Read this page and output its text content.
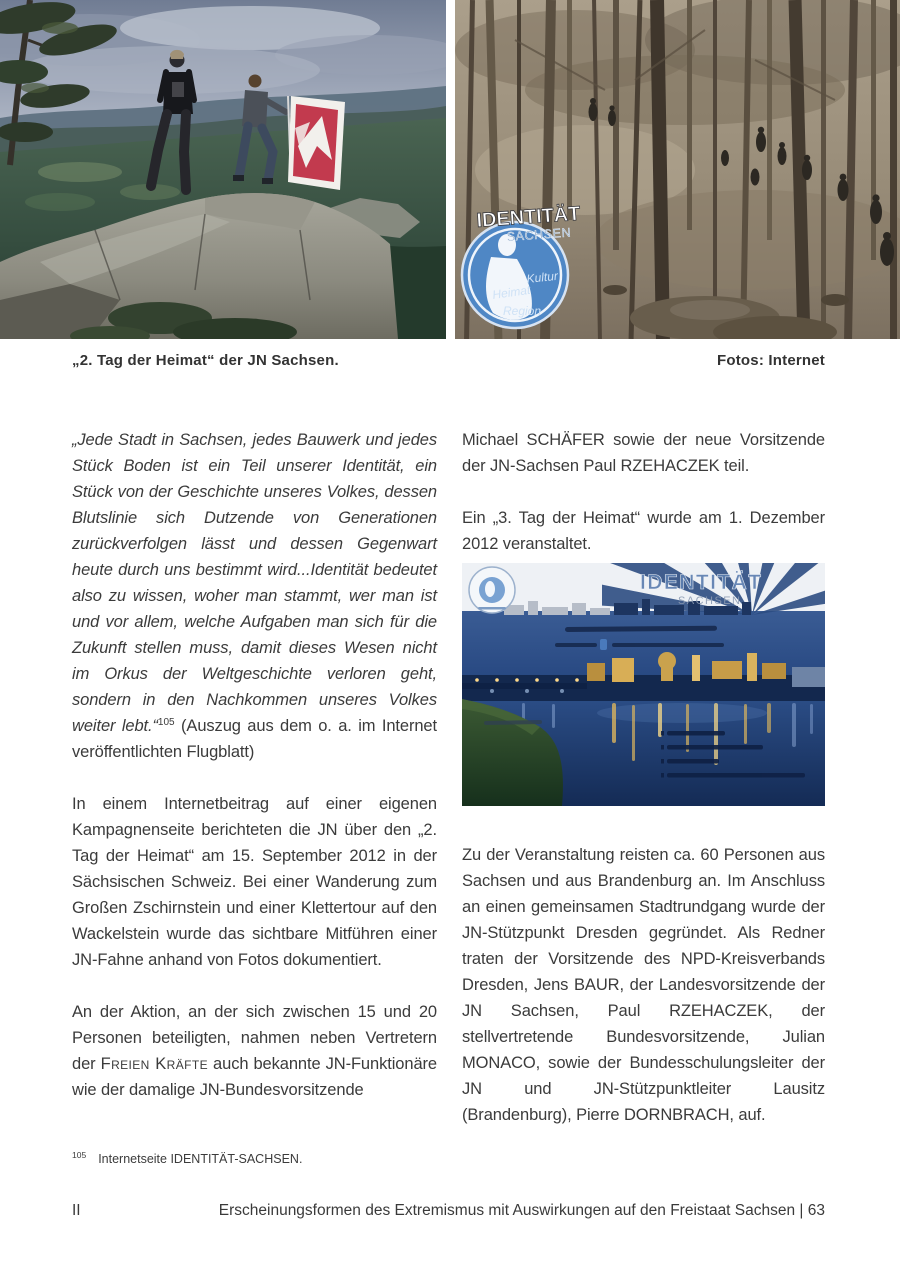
Heimat
Kultur
Region
IDENTITÄT
SACHSEN
„2. Tag der Heimat“ der JN Sachsen.	Fotos: Internet

„Jede Stadt in Sachsen, jedes Bauwerk und jedes Stück Boden ist ein Teil unserer Identität, ein Stück von der Geschichte unseres Volkes, dessen Blutslinie sich Dutzende von Generationen zurückverfolgen lässt und dessen Gegenwart heute durch uns bestimmt wird...Identität bedeutet also zu wissen, woher man stammt, wer man ist und vor allem, welche Aufgaben man sich für die Zukunft stellen muss, damit dieses Wesen nicht im Orkus der Weltgeschichte verloren geht, sondern in den Nachkommen unseres Volkes weiter lebt.“$^{105}$ (Auszug aus dem o. a. im Internet veröffentlichten Flugblatt)

In einem Internetbeitrag auf einer eigenen Kampagnenseite berichteten die JN über den „2. Tag der Heimat“ am 15. September 2012 in der Sächsischen Schweiz. Bei einer Wanderung zum Großen Zschirnstein und einer Klettertour auf den Wackelstein wurde das sichtbare Mitführen einer JN-Fahne anhand von Fotos dokumentiert.

An der Aktion, an der sich zwischen 15 und 20 Personen beteiligten, nahmen neben Vertretern der Freien Kräfte auch bekannte JN-Funktionäre wie der damalige JN-Bundesvorsitzende

Michael SCHÄFER sowie der neue Vorsitzende der JN-Sachsen Paul RZEHACZEK teil.

Ein „3. Tag der Heimat“ wurde am 1. Dezember 2012 veranstaltet.

IDENTITÄT
SACHSEN

Zu der Veranstaltung reisten ca. 60 Personen aus Sachsen und aus Brandenburg an. Im Anschluss an einen gemeinsamen Stadtrundgang wurde der JN-Stützpunkt Dresden gegründet. Als Redner traten der Vorsitzende des NPD-Kreisverbands Dresden, Jens BAUR, der Landesvorsitzende der JN Sachsen, Paul RZEHACZEK, der stellvertretende Bundesvorsitzende, Julian MONACO, sowie der Bundesschulungsleiter der JN und JN-Stützpunktleiter Lausitz (Brandenburg), Pierre DORNBRACH, auf.

$^{105}$ Internetseite IDENTITÄT-SACHSEN.
II	Erscheinungsformen des Extremismus mit Auswirkungen auf den Freistaat Sachsen | 63
